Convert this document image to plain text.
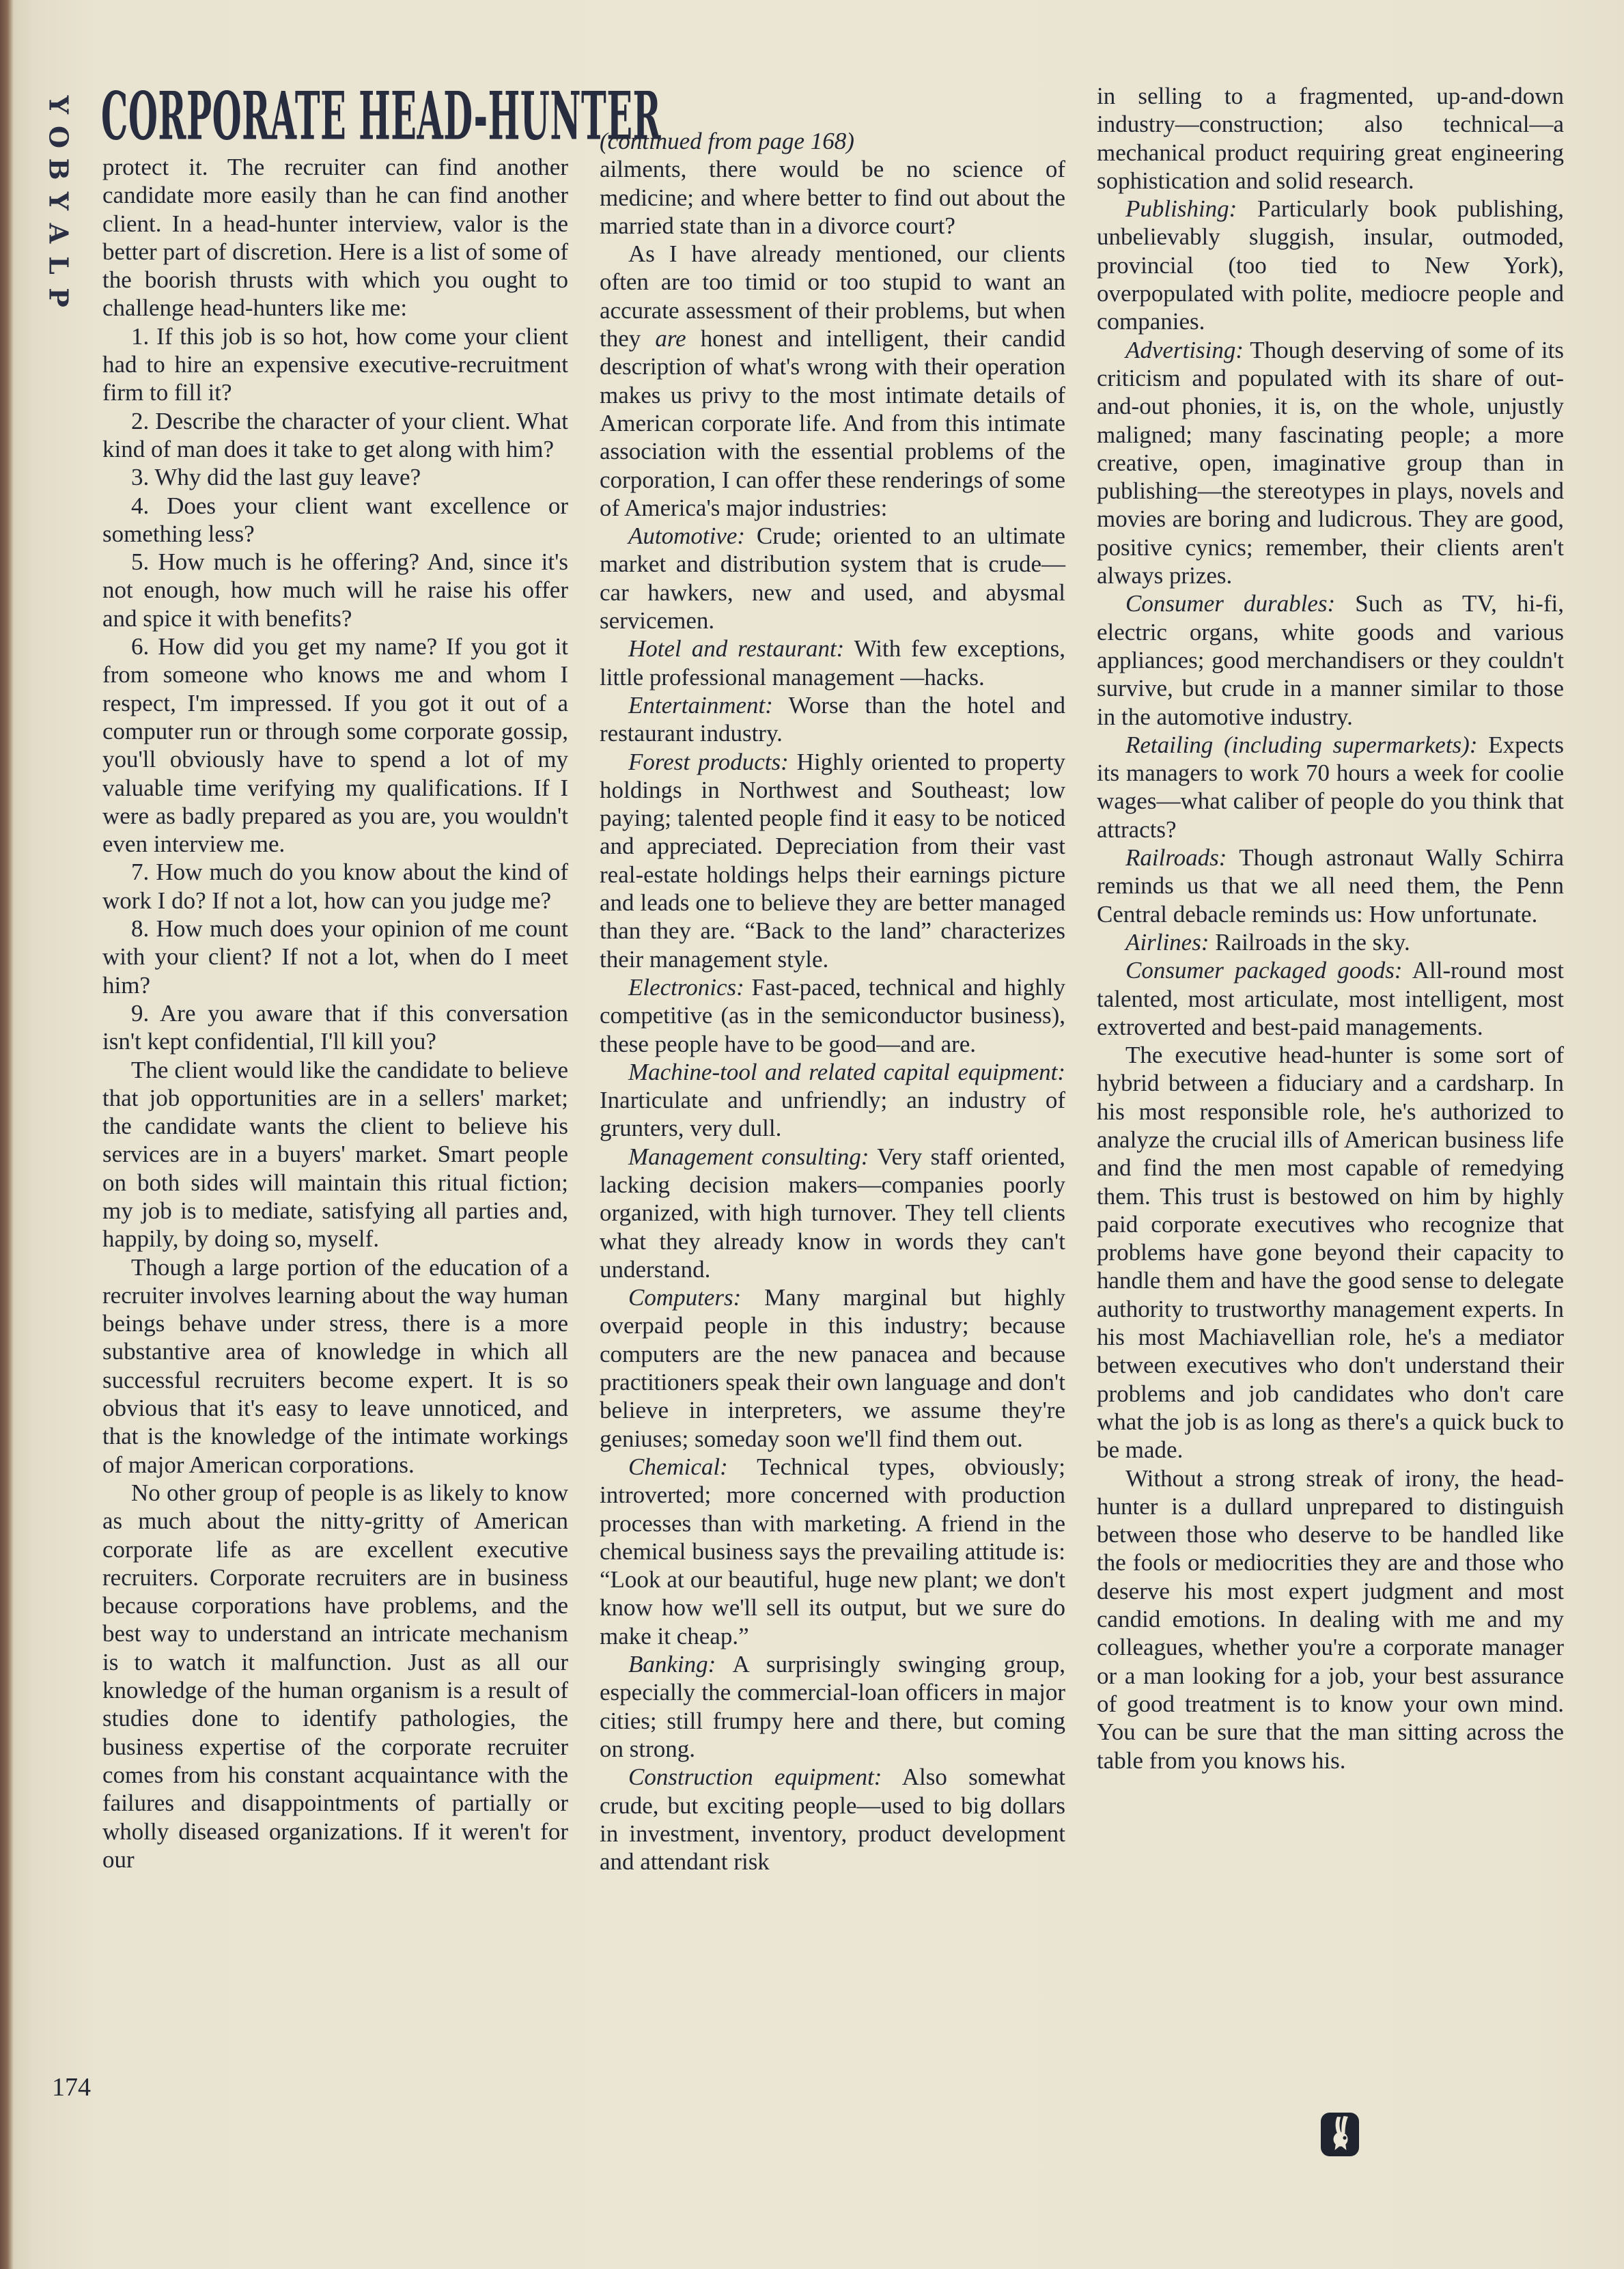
Y
O
B
Y
A
L
P
CORPORATE HEAD-HUNTER

protect it. The recruiter can find another candidate more easily than he can find another client. In a head-hunter interview, valor is the better part of discretion. Here is a list of some of the boorish thrusts with which you ought to challenge head-hunters like me:

1. If this job is so hot, how come your client had to hire an expensive executive-recruitment firm to fill it?

2. Describe the character of your client. What kind of man does it take to get along with him?

3. Why did the last guy leave?

4. Does your client want excellence or something less?

5. How much is he offering? And, since it's not enough, how much will he raise his offer and spice it with benefits?

6. How did you get my name? If you got it from someone who knows me and whom I respect, I'm impressed. If you got it out of a computer run or through some corporate gossip, you'll obviously have to spend a lot of my valuable time verifying my qualifications. If I were as badly prepared as you are, you wouldn't even interview me.

7. How much do you know about the kind of work I do? If not a lot, how can you judge me?

8. How much does your opinion of me count with your client? If not a lot, when do I meet him?

9. Are you aware that if this conversation isn't kept confidential, I'll kill you?

The client would like the candidate to believe that job opportunities are in a sellers' market; the candidate wants the client to believe his services are in a buyers' market. Smart people on both sides will maintain this ritual fiction; my job is to mediate, satisfying all parties and, happily, by doing so, myself.

Though a large portion of the education of a recruiter involves learning about the way human beings behave under stress, there is a more substantive area of knowledge in which all successful recruiters become expert. It is so obvious that it's easy to leave unnoticed, and that is the knowledge of the intimate workings of major American corporations.

No other group of people is as likely to know as much about the nitty-gritty of American corporate life as are excellent executive recruiters. Corporate recruiters are in business because corporations have problems, and the best way to understand an intricate mechanism is to watch it malfunction. Just as all our knowledge of the human organism is a result of studies done to identify pathologies, the business expertise of the corporate recruiter comes from his constant acquaintance with the failures and disappointments of partially or wholly diseased organizations. If it weren't for our

(continued from page 168)

ailments, there would be no science of medicine; and where better to find out about the married state than in a divorce court?

As I have already mentioned, our clients often are too timid or too stupid to want an accurate assessment of their problems, but when they are honest and intelligent, their candid description of what's wrong with their operation makes us privy to the most intimate details of American corporate life. And from this intimate association with the essential problems of the corporation, I can offer these renderings of some of America's major industries:

Automotive: Crude; oriented to an ultimate market and distribution system that is crude—car hawkers, new and used, and abysmal servicemen.

Hotel and restaurant: With few exceptions, little professional management —hacks.

Entertainment: Worse than the hotel and restaurant industry.

Forest products: Highly oriented to property holdings in Northwest and Southeast; low paying; talented people find it easy to be noticed and appreciated. Depreciation from their vast real-estate holdings helps their earnings picture and leads one to believe they are better managed than they are. “Back to the land” characterizes their management style.

Electronics: Fast-paced, technical and highly competitive (as in the semiconductor business), these people have to be good—and are.

Machine-tool and related capital equipment: Inarticulate and unfriendly; an industry of grunters, very dull.

Management consulting: Very staff oriented, lacking decision makers—companies poorly organized, with high turnover. They tell clients what they already know in words they can't understand.

Computers: Many marginal but highly overpaid people in this industry; because computers are the new panacea and because practitioners speak their own language and don't believe in interpreters, we assume they're geniuses; someday soon we'll find them out.

Chemical: Technical types, obviously; introverted; more concerned with production processes than with marketing. A friend in the chemical business says the prevailing attitude is: “Look at our beautiful, huge new plant; we don't know how we'll sell its output, but we sure do make it cheap.”

Banking: A surprisingly swinging group, especially the commercial-loan officers in major cities; still frumpy here and there, but coming on strong.

Construction equipment: Also somewhat crude, but exciting people—used to big dollars in investment, inventory, product development and attendant risk

in selling to a fragmented, up-and-down industry—construction; also technical—a mechanical product requiring great engineering sophistication and solid research.

Publishing: Particularly book publishing, unbelievably sluggish, insular, outmoded, provincial (too tied to New York), overpopulated with polite, mediocre people and companies.

Advertising: Though deserving of some of its criticism and populated with its share of out-and-out phonies, it is, on the whole, unjustly maligned; many fascinating people; a more creative, open, imaginative group than in publishing—the stereotypes in plays, novels and movies are boring and ludicrous. They are good, positive cynics; remember, their clients aren't always prizes.

Consumer durables: Such as TV, hi-fi, electric organs, white goods and various appliances; good merchandisers or they couldn't survive, but crude in a manner similar to those in the automotive industry.

Retailing (including supermarkets): Expects its managers to work 70 hours a week for coolie wages—what caliber of people do you think that attracts?

Railroads: Though astronaut Wally Schirra reminds us that we all need them, the Penn Central debacle reminds us: How unfortunate.

Airlines: Railroads in the sky.

Consumer packaged goods: All-round most talented, most articulate, most intelligent, most extroverted and best-paid managements.

The executive head-hunter is some sort of hybrid between a fiduciary and a cardsharp. In his most responsible role, he's authorized to analyze the crucial ills of American business life and find the men most capable of remedying them. This trust is bestowed on him by highly paid corporate executives who recognize that problems have gone beyond their capacity to handle them and have the good sense to delegate authority to trustworthy management experts. In his most Machiavellian role, he's a mediator between executives who don't understand their problems and job candidates who don't care what the job is as long as there's a quick buck to be made.

Without a strong streak of irony, the head-hunter is a dullard unprepared to distinguish between those who deserve to be handled like the fools or mediocrities they are and those who deserve his most expert judgment and most candid emotions. In dealing with me and my colleagues, whether you're a corporate manager or a man looking for a job, your best assurance of good treatment is to know your own mind. You can be sure that the man sitting across the table from you knows his.

174
